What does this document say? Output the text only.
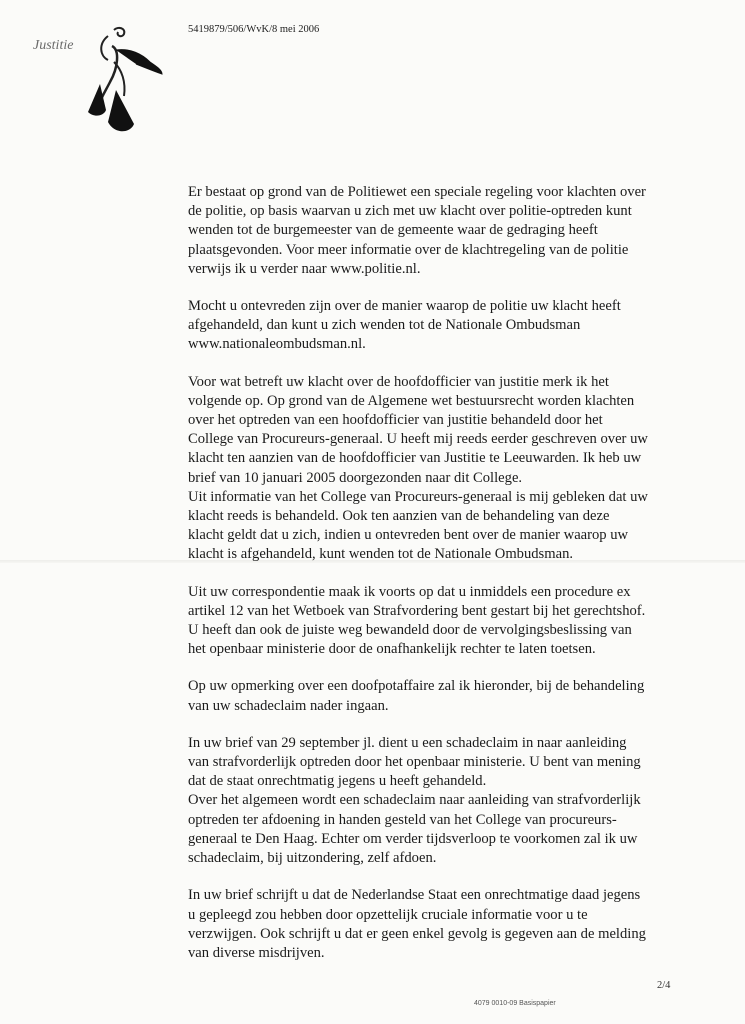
Justitie
5419879/506/WvK/8 mei 2006

Er bestaat op grond van de Politiewet een speciale regeling voor klachten over
de politie, op basis waarvan u zich met uw klacht over politie-optreden kunt
wenden tot de burgemeester van de gemeente waar de gedraging heeft
plaatsgevonden. Voor meer informatie over de klachtregeling van de politie
verwijs ik u verder naar www.politie.nl.

Mocht u ontevreden zijn over de manier waarop de politie uw klacht heeft
afgehandeld, dan kunt u zich wenden tot de Nationale Ombudsman
www.nationaleombudsman.nl.

Voor wat betreft uw klacht over de hoofdofficier van justitie merk ik het
volgende op. Op grond van de Algemene wet bestuursrecht worden klachten
over het optreden van een hoofdofficier van justitie behandeld door het
College van Procureurs-generaal. U heeft mij reeds eerder geschreven over uw
klacht ten aanzien van de hoofdofficier van Justitie te Leeuwarden. Ik heb uw
brief van 10 januari 2005 doorgezonden naar dit College.
Uit informatie van het College van Procureurs-generaal is mij gebleken dat uw
klacht reeds is behandeld. Ook ten aanzien van de behandeling van deze
klacht geldt dat u zich, indien u ontevreden bent over de manier waarop uw
klacht is afgehandeld, kunt wenden tot de Nationale Ombudsman.

Uit uw correspondentie maak ik voorts op dat u inmiddels een procedure ex
artikel 12 van het Wetboek van Strafvordering bent gestart bij het gerechtshof.
U heeft dan ook de juiste weg bewandeld door de vervolgingsbeslissing van
het openbaar ministerie door de onafhankelijk rechter te laten toetsen.

Op uw opmerking over een doofpotaffaire zal ik hieronder, bij de behandeling
van uw schadeclaim nader ingaan.

In uw brief van 29 september jl. dient u een schadeclaim in naar aanleiding
van strafvorderlijk optreden door het openbaar ministerie. U bent van mening
dat de staat onrechtmatig jegens u heeft gehandeld.
Over het algemeen wordt een schadeclaim naar aanleiding van strafvorderlijk
optreden ter afdoening in handen gesteld van het College van procureurs-
generaal te Den Haag. Echter om verder tijdsverloop te voorkomen zal ik uw
schadeclaim, bij uitzondering, zelf afdoen.

In uw brief schrijft u dat de Nederlandse Staat een onrechtmatige daad jegens
u gepleegd zou hebben door opzettelijk cruciale informatie voor u te
verzwijgen. Ook schrijft u dat er geen enkel gevolg is gegeven aan de melding
van diverse misdrijven.

2/4
4079 0010-09 Basispapier
